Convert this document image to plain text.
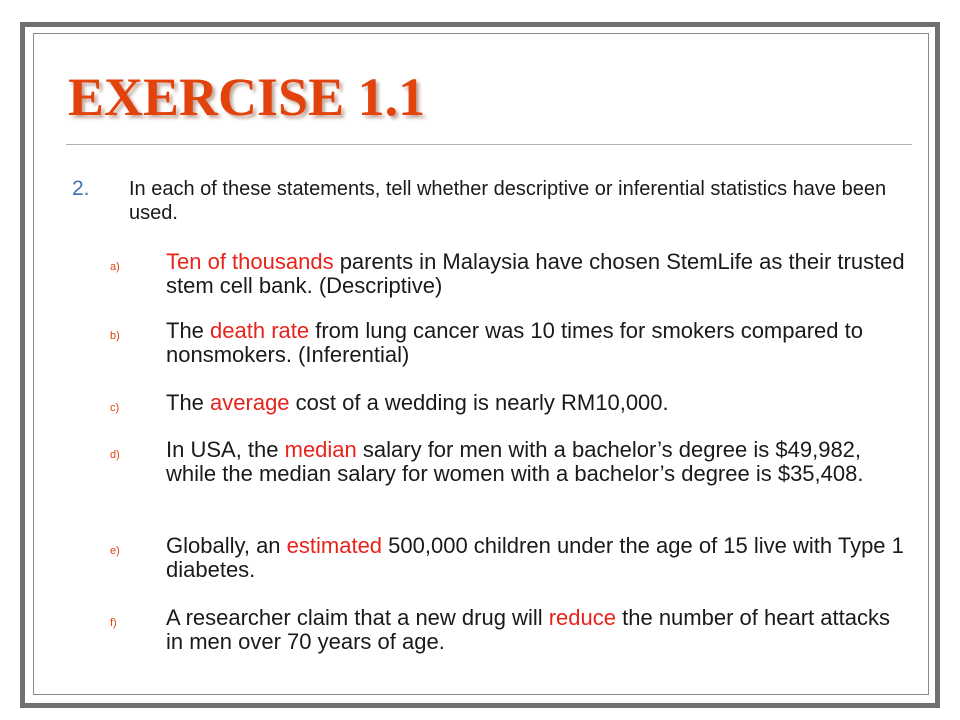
EXERCISE 1.1
2. In each of these statements, tell whether descriptive or inferential statistics have been used.
a) Ten of thousands parents in Malaysia have chosen StemLife as their trusted stem cell bank. (Descriptive)
b) The death rate from lung cancer was 10 times for smokers compared to nonsmokers. (Inferential)
c) The average cost of a wedding is nearly RM10,000.
d) In USA, the median salary for men with a bachelor’s degree is $49,982, while the median salary for women with a bachelor’s degree is $35,408.
e) Globally, an estimated 500,000 children under the age of 15 live with Type 1 diabetes.
f) A researcher claim that a new drug will reduce the number of heart attacks in men over 70 years of age.
